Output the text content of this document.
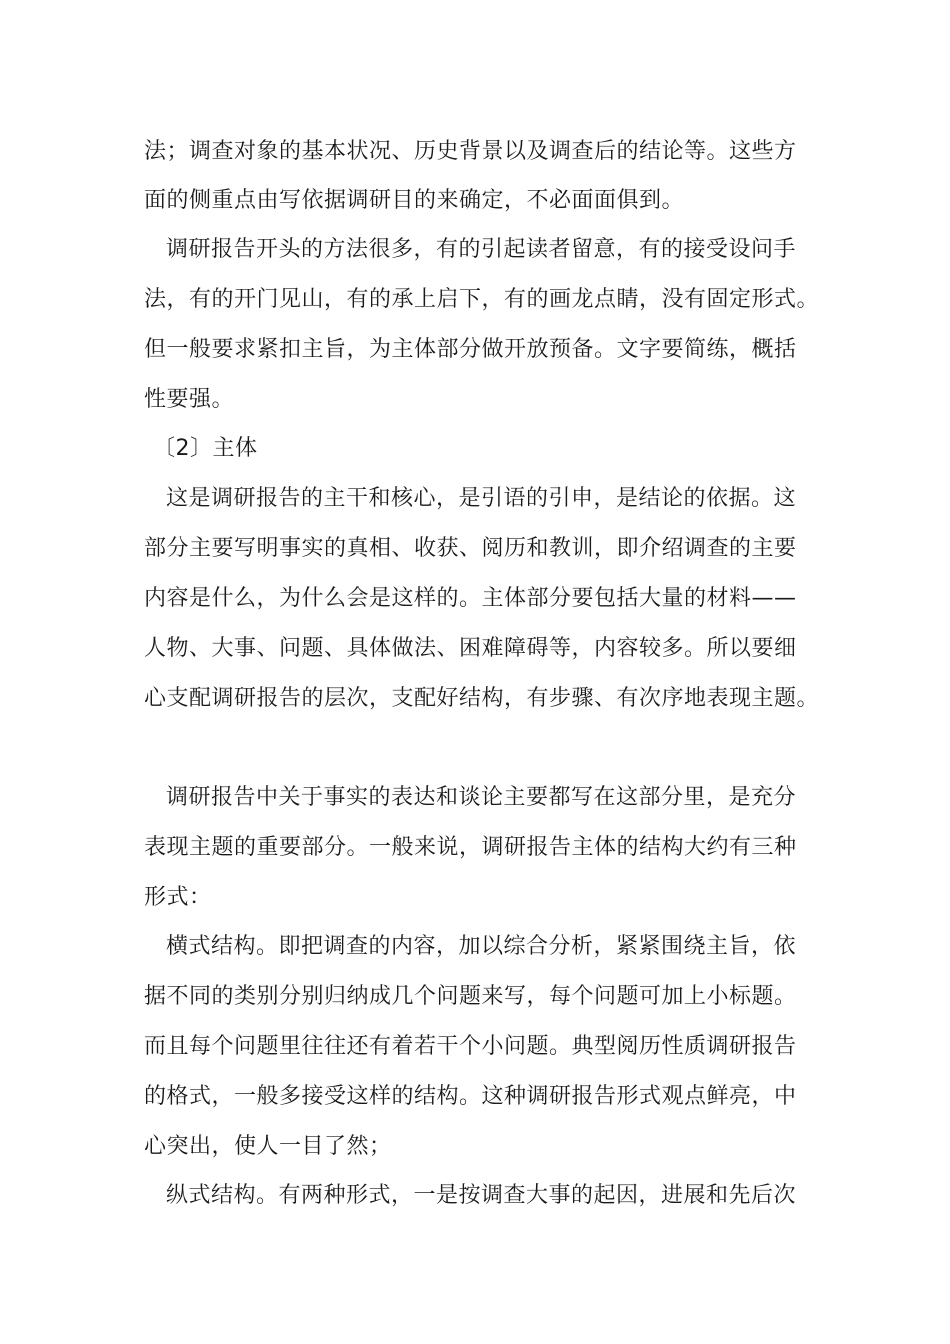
法；调查对象的基本状况、历史背景以及调查后的结论等。这些方
面的侧重点由写依据调研目的来确定，不必面面俱到。
调研报告开头的方法很多，有的引起读者留意，有的接受设问手
法，有的开门见山，有的承上启下，有的画龙点睛，没有固定形式。
但一般要求紧扣主旨，为主体部分做开放预备。文字要简练，概括
性要强。
〔2〕主体
这是调研报告的主干和核心，是引语的引申，是结论的依据。这
部分主要写明事实的真相、收获、阅历和教训，即介绍调查的主要
内容是什么，为什么会是这样的。主体部分要包括大量的材料——
人物、大事、问题、具体做法、困难障碍等，内容较多。所以要细
心支配调研报告的层次，支配好结构，有步骤、有次序地表现主题。
调研报告中关于事实的表达和谈论主要都写在这部分里，是充分
表现主题的重要部分。一般来说，调研报告主体的结构大约有三种
形式：
横式结构。即把调查的内容，加以综合分析，紧紧围绕主旨，依
据不同的类别分别归纳成几个问题来写，每个问题可加上小标题。
而且每个问题里往往还有着若干个小问题。典型阅历性质调研报告
的格式，一般多接受这样的结构。这种调研报告形式观点鲜亮，中
心突出，使人一目了然；
纵式结构。有两种形式，一是按调查大事的起因，进展和先后次
